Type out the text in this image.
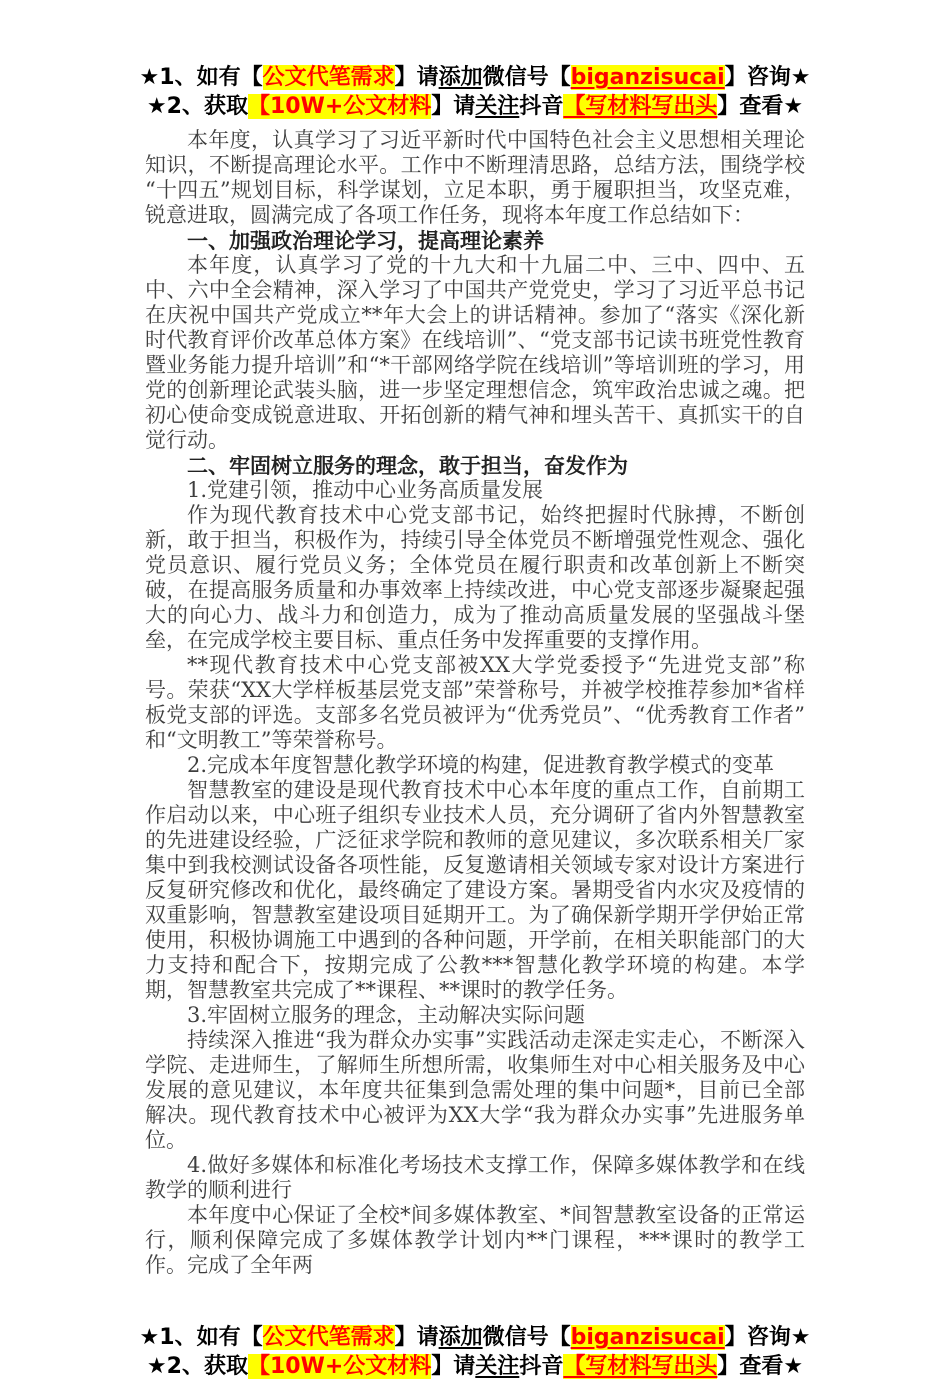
★1、如有【公文代笔需求】请添加微信号【biganzisucai】咨询★
★2、获取【10W+公文材料】请关注抖音【写材料写出头】查看★

本年度，认真学习了习近平新时代中国特色社会主义思想相关理论知识，不断提高理论水平。工作中不断理清思路，总结方法，围绕学校“十四五”规划目标，科学谋划，立足本职，勇于履职担当，攻坚克难，锐意进取，圆满完成了各项工作任务，现将本年度工作总结如下：

一、加强政治理论学习，提高理论素养

本年度，认真学习了党的十九大和十九届二中、三中、四中、五中、六中全会精神，深入学习了中国共产党党史，学习了习近平总书记在庆祝中国共产党成立**年大会上的讲话精神。参加了“落实《深化新时代教育评价改革总体方案》在线培训”、“党支部书记读书班党性教育暨业务能力提升培训”和“*干部网络学院在线培训”等培训班的学习，用党的创新理论武装头脑，进一步坚定理想信念，筑牢政治忠诚之魂。把初心使命变成锐意进取、开拓创新的精气神和埋头苦干、真抓实干的自觉行动。

二、牢固树立服务的理念，敢于担当，奋发作为

1.党建引领，推动中心业务高质量发展

作为现代教育技术中心党支部书记，始终把握时代脉搏，不断创新，敢于担当，积极作为，持续引导全体党员不断增强党性观念、强化党员意识、履行党员义务；全体党员在履行职责和改革创新上不断突破，在提高服务质量和办事效率上持续改进，中心党支部逐步凝聚起强大的向心力、战斗力和创造力，成为了推动高质量发展的坚强战斗堡垒，在完成学校主要目标、重点任务中发挥重要的支撑作用。

**现代教育技术中心党支部被XX大学党委授予“先进党支部”称号。荣获“XX大学样板基层党支部”荣誉称号，并被学校推荐参加*省样板党支部的评选。支部多名党员被评为“优秀党员”、“优秀教育工作者”和“文明教工”等荣誉称号。

2.完成本年度智慧化教学环境的构建，促进教育教学模式的变革

智慧教室的建设是现代教育技术中心本年度的重点工作，自前期工作启动以来，中心班子组织专业技术人员，充分调研了省内外智慧教室的先进建设经验，广泛征求学院和教师的意见建议，多次联系相关厂家集中到我校测试设备各项性能，反复邀请相关领域专家对设计方案进行反复研究修改和优化，最终确定了建设方案。暑期受省内水灾及疫情的双重影响，智慧教室建设项目延期开工。为了确保新学期开学伊始正常使用，积极协调施工中遇到的各种问题，开学前，在相关职能部门的大力支持和配合下，按期完成了公教***智慧化教学环境的构建。本学期，智慧教室共完成了**课程、**课时的教学任务。

3.牢固树立服务的理念，主动解决实际问题

持续深入推进“我为群众办实事”实践活动走深走实走心，不断深入学院、走进师生，了解师生所想所需，收集师生对中心相关服务及中心发展的意见建议，本年度共征集到急需处理的集中问题*，目前已全部解决。现代教育技术中心被评为XX大学“我为群众办实事”先进服务单位。

4.做好多媒体和标准化考场技术支撑工作，保障多媒体教学和在线教学的顺利进行

本年度中心保证了全校*间多媒体教室、*间智慧教室设备的正常运行，顺利保障完成了多媒体教学计划内**门课程，***课时的教学工作。完成了全年两

★1、如有【公文代笔需求】请添加微信号【biganzisucai】咨询★
★2、获取【10W+公文材料】请关注抖音【写材料写出头】查看★
